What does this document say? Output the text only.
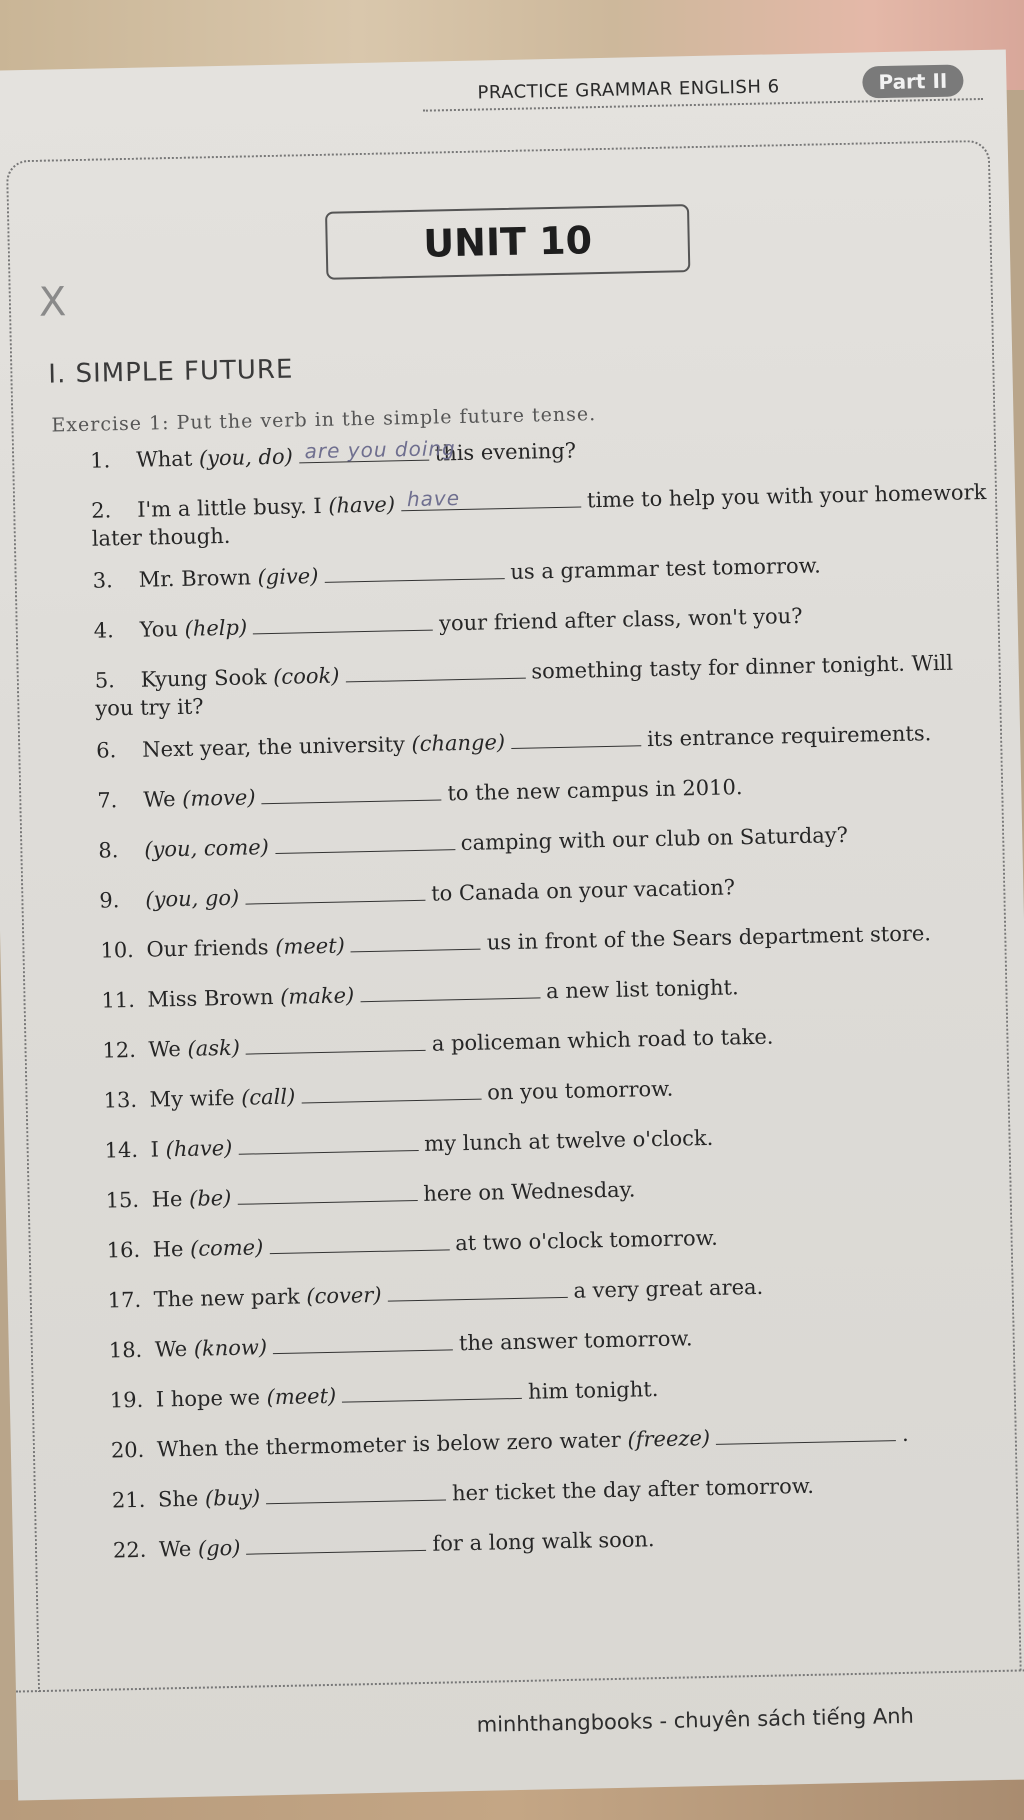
PRACTICE GRAMMAR ENGLISH 6	Part II
X
UNIT 10
I. SIMPLE FUTURE
Exercise 1: Put the verb in the simple future tense.
1. What (you, do) are you doing
this evening?
2. I'm a little busy. I (have) have	time to help you with your homework later though.
3. Mr. Brown (give)	us a grammar test tomorrow.
4. You (help)	your friend after class, won't you?
5. Kyung Sook (cook)	something tasty for dinner tonight. Will you try it?
6. Next year, the university (change)	its entrance requirements.
7. We (move)	to the new campus in 2010.
8. (you, come)	camping with our club on Saturday?
9. (you, go)	to Canada on your vacation?
10. Our friends (meet)	us in front of the Sears department store.
11. Miss Brown (make)	a new list tonight.
12. We (ask)	a policeman which road to take.
13. My wife (call)	on you tomorrow.
14. I (have)	my lunch at twelve o'clock.
15. He (be)	here on Wednesday.
16. He (come)	at two o'clock tomorrow.
17. The new park (cover)	a very great area.
18. We (know)	the answer tomorrow.
19. I hope we (meet)	him tonight.
20. When the thermometer is below zero water (freeze)	.
21. She (buy)	her ticket the day after tomorrow.
22. We (go)	for a long walk soon.
minhthangbooks - chuyên sách tiếng Anh
